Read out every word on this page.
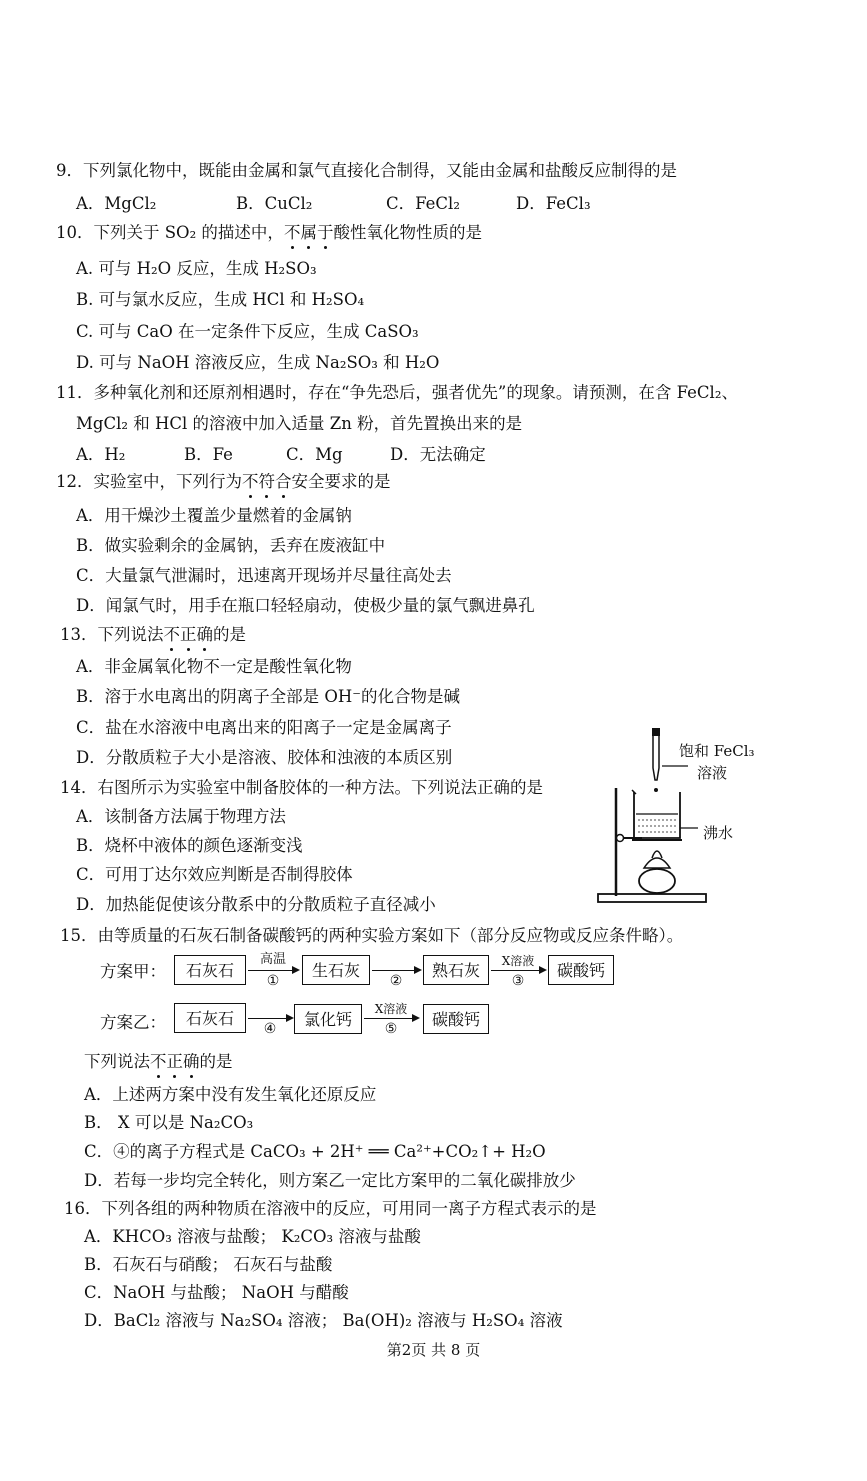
9．下列氯化物中，既能由金属和氯气直接化合制得，又能由金属和盐酸反应制得的是
A．MgCl₂	B．CuCl₂	C．FeCl₂	D．FeCl₃
10．下列关于 SO₂ 的描述中，不属于酸性氧化物性质的是
A. 可与 H₂O 反应，生成 H₂SO₃
B. 可与氯水反应，生成 HCl 和 H₂SO₄
C. 可与 CaO 在一定条件下反应，生成 CaSO₃
D. 可与 NaOH 溶液反应，生成 Na₂SO₃ 和 H₂O
11．多种氧化剂和还原剂相遇时，存在“争先恐后，强者优先”的现象。请预测，在含 FeCl₂、
MgCl₂ 和 HCl 的溶液中加入适量 Zn 粉，首先置换出来的是
A．H₂	B．Fe	C．Mg	D．无法确定
12．实验室中，下列行为不符合安全要求的是
A．用干燥沙土覆盖少量燃着的金属钠
B．做实验剩余的金属钠，丢弃在废液缸中
C．大量氯气泄漏时，迅速离开现场并尽量往高处去
D．闻氯气时，用手在瓶口轻轻扇动，使极少量的氯气飘进鼻孔
13．下列说法不正确的是
A．非金属氧化物不一定是酸性氧化物
B．溶于水电离出的阴离子全部是 OH⁻的化合物是碱
C．盐在水溶液中电离出来的阳离子一定是金属离子
D．分散质粒子大小是溶液、胶体和浊液的本质区别	饱和 FeCl₃
溶液
沸水
14．右图所示为实验室中制备胶体的一种方法。下列说法正确的是
A．该制备方法属于物理方法
B．烧杯中液体的颜色逐渐变浅
C．可用丁达尔效应判断是否制得胶体
D．加热能促使该分散系中的分散质粒子直径减小
15．由等质量的石灰石制备碳酸钙的两种实验方案如下（部分反应物或反应条件略）。
方案甲：	石灰石
高温
①
生石灰
②
熟石灰	X溶液
③
碳酸钙
方案乙：	石灰石
④	氯化钙
X溶液
⑤	碳酸钙
下列说法不正确的是
A．上述两方案中没有发生氧化还原反应
B． X 可以是 Na₂CO₃
C．④的离子方程式是 CaCO₃ + 2H⁺ ══ Ca²⁺+CO₂↑+ H₂O
D．若每一步均完全转化，则方案乙一定比方案甲的二氧化碳排放少
16．下列各组的两种物质在溶液中的反应，可用同一离子方程式表示的是
A．KHCO₃ 溶液与盐酸； K₂CO₃ 溶液与盐酸
B．石灰石与硝酸； 石灰石与盐酸
C．NaOH 与盐酸； NaOH 与醋酸
D．BaCl₂ 溶液与 Na₂SO₄ 溶液； Ba(OH)₂ 溶液与 H₂SO₄ 溶液
第2页 共 8 页
